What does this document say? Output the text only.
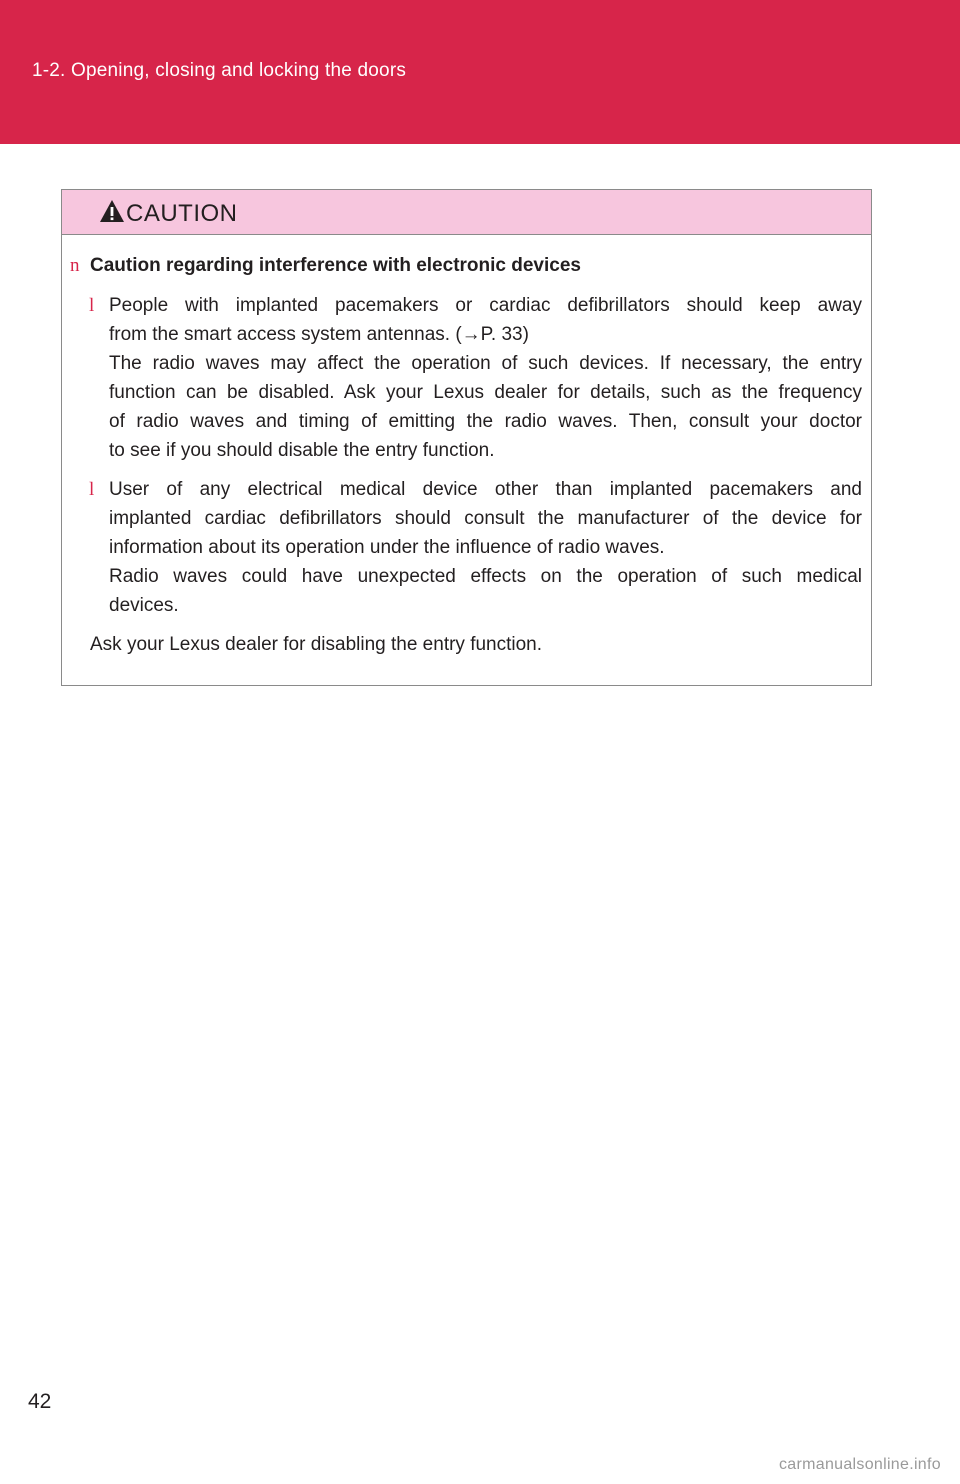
1-2. Opening, closing and locking the doors
CAUTION
n Caution regarding interference with electronic devices
l People with implanted pacemakers or cardiac defibrillators should keep away
from the smart access system antennas. (→P. 33)
The radio waves may affect the operation of such devices. If necessary, the entry
function can be disabled. Ask your Lexus dealer for details, such as the frequency
of radio waves and timing of emitting the radio waves. Then, consult your doctor
to see if you should disable the entry function.
l User of any electrical medical device other than implanted pacemakers and
implanted cardiac defibrillators should consult the manufacturer of the device for
information about its operation under the influence of radio waves.
Radio waves could have unexpected effects on the operation of such medical
devices.
Ask your Lexus dealer for disabling the entry function.
42
carmanualsonline.info
